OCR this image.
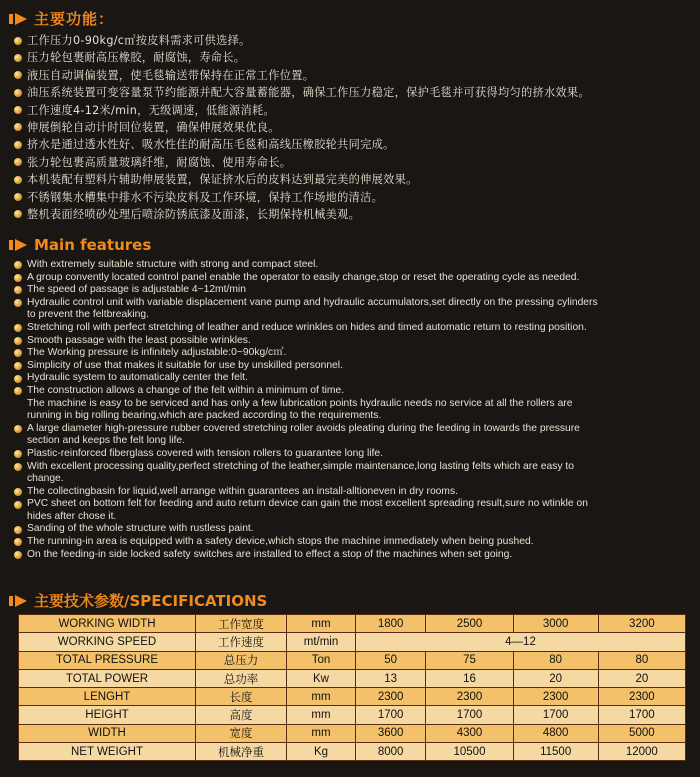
主要功能：
工作压力0-90kg/c㎡按皮料需求可供选择。
压力轮包裹耐高压橡胶，耐腐蚀，寿命长。
液压自动调偏装置，使毛毯输送带保持在正常工作位置。
油压系统装置可变容量泵节约能源并配大容量蓄能器，确保工作压力稳定，保护毛毯并可获得均匀的挤水效果。
工作速度4-12米/min，无级调速，低能源消耗。
伸展倒轮自动计时回位装置，确保伸展效果优良。
挤水是通过透水性好、吸水性佳的耐高压毛毯和高线压橡胶轮共同完成。
张力轮包裹高质量玻璃纤维，耐腐蚀、使用寿命长。
本机装配有塑料片辅助伸展装置，保证挤水后的皮料达到最完美的伸展效果。
不锈钢集水槽集中排水不污染皮料及工作环境，保持工作场地的清洁。
整机表面经喷砂处理后喷涂防锈底漆及面漆，长期保持机械美观。
Main features
With extremely suitable structure with strong and compact steel.
A group convently located control panel enable the operator to easily change,stop or reset the operating cycle as needed.
The speed of passage is adjustable 4~12mt/min
Hydraulic control unit with variable displacement vane pump and hydraulic accumulators,set directly on the pressing cylinders
to prevent the feltbreaking.
Stretching roll with perfect stretching of leather and reduce wrinkles on hides and timed automatic return to resting position.
Smooth passage with the least possible wrinkles.
The Working pressure is infinitely adjustable:0~90kg/c㎡.
Simplicity of use that makes it suitable for use by unskilled personnel.
Hydraulic system to automatically center the felt.
The construction allows a change of the felt within a minimum of time.
The machine is easy to be serviced and has only a few lubrication points hydraulic needs no service at all the rollers are
running in big rolling bearing,which are packed according to the requirements.
A large diameter high-pressure rubber covered stretching roller avoids pleating during the feeding in towards the pressure
section and keeps the felt long life.
Plastic-reinforced fiberglass covered with tension rollers to guarantee long life.
With excellent processing quality,perfect stretching of the leather,simple maintenance,long lasting felts which are easy to
change.
The collectingbasin for liquid,well arrange within guarantees an install-alltioneven in dry rooms.
PVC sheet on bottom felt for feeding and auto return device can gain the most excellent spreading result,sure no wtinkle on
hides after chose it.
Sanding of the whole structure with rustless paint.
The running-in area is equipped with a safety device,which stops the machine immediately when being pushed.
On the feeding-in side locked safety switches are installed to effect a stop of the machines when set going.
主要技术参数/SPECIFICATIONS
WORKING WIDTH	工作宽度	mm	1800	2500	3000	3200
WORKING SPEED	工作速度	mt/min	4—12			
TOTAL PRESSURE	总压力	Ton	50	75	80	80
TOTAL POWER	总功率	Kw	13	16	20	20
LENGHT	长度	mm	2300	2300	2300	2300
HEIGHT	高度	mm	1700	1700	1700	1700
WIDTH	宽度	mm	3600	4300	4800	5000
NET WEIGHT	机械净重	Kg	8000	10500	11500	12000
